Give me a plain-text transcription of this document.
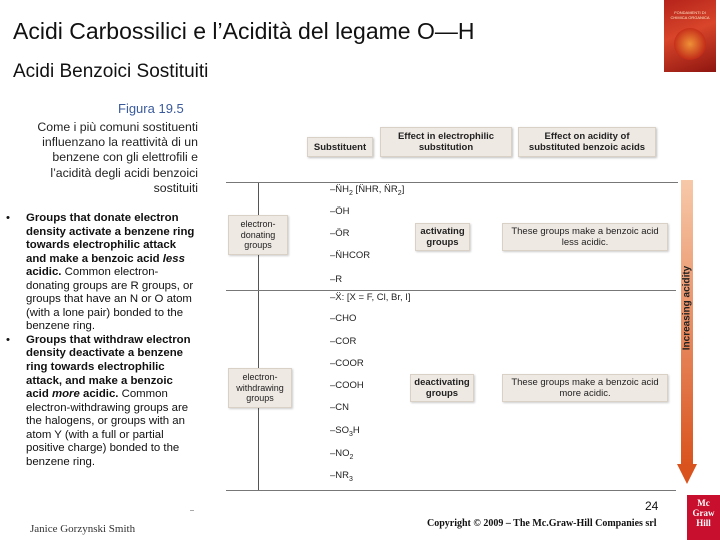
Acidi Carbossilici e l’Acidità del legame O—H
Acidi Benzoici Sostituiti
FONDAMENTI DI CHIMICA ORGANICA
Figura 19.5
Come i più comuni sostituenti influenzano la reattività di un benzene con gli elettrofili e l’acidità degli acidi benzoici sostituiti
• Groups that donate electron density activate a benzene ring towards electrophilic attack and make a benzoic acid less acidic. Common electron-donating groups are R groups, or groups that have an N or O atom (with a lone pair) bonded to the benzene ring.
• Groups that withdraw electron density deactivate a benzene ring towards electrophilic attack, and make a benzoic acid more acidic. Common electron-withdrawing groups are the halogens, or groups with an atom Y (with a full or partial positive charge) bonded to the benzene ring.
Substituent
Effect in electrophilic substitution
Effect on acidity of substituted benzoic acids
electron-donating groups
electron-withdrawing groups
activating groups
deactivating groups
These groups make a benzoic acid less acidic.
These groups make a benzoic acid more acidic.
$-N̈H_2$ [N̈HR, $N̈R_2$]
–ÖH
–ÖR
–N̈HCOR
–R
–Ẍ: [X = F, Cl, Br, I]
–CHO
–COR
–COOR
–COOH
–CN
$-SO_3H$
$-NO_2$
$-NR_3$
Increasing acidity
Janice Gorzynski Smith
24
Copyright © 2009 – The Mc.Graw-Hill Companies srl
Mc
Graw
Hill
